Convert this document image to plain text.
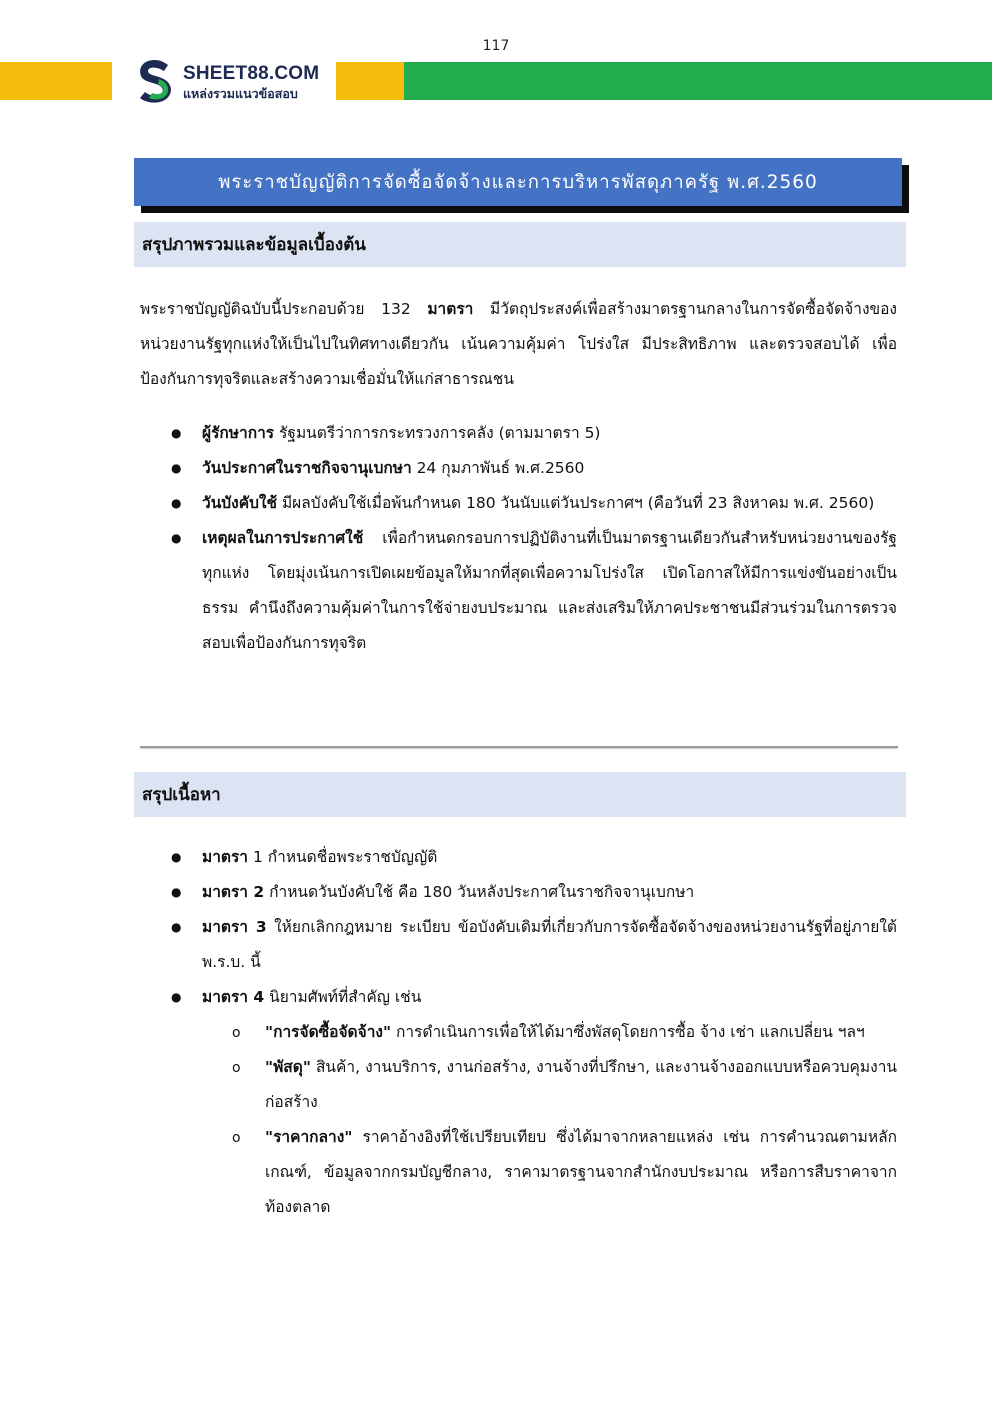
117
SHEET88.COM
แหล่งรวมแนวข้อสอบ
พระราชบัญญัติการจัดซื้อจัดจ้างและการบริหารพัสดุภาครัฐ พ.ศ.2560
สรุปภาพรวมและข้อมูลเบื้องต้น
พระราชบัญญัติฉบับนี้ประกอบด้วย 132 มาตรา มีวัตถุประสงค์เพื่อสร้างมาตรฐานกลางในการจัดซื้อจัดจ้างของหน่วยงานรัฐทุกแห่งให้เป็นไปในทิศทางเดียวกัน เน้นความคุ้มค่า โปร่งใส มีประสิทธิภาพ และตรวจสอบได้ เพื่อป้องกันการทุจริตและสร้างความเชื่อมั่นให้แก่สาธารณชน
● ผู้รักษาการ รัฐมนตรีว่าการกระทรวงการคลัง (ตามมาตรา 5)
● วันประกาศในราชกิจจานุเบกษา 24 กุมภาพันธ์ พ.ศ.2560
● วันบังคับใช้ มีผลบังคับใช้เมื่อพ้นกำหนด 180 วันนับแต่วันประกาศฯ (คือวันที่ 23 สิงหาคม พ.ศ. 2560)
● เหตุผลในการประกาศใช้ เพื่อกำหนดกรอบการปฏิบัติงานที่เป็นมาตรฐานเดียวกันสำหรับหน่วยงานของรัฐทุกแห่ง โดยมุ่งเน้นการเปิดเผยข้อมูลให้มากที่สุดเพื่อความโปร่งใส เปิดโอกาสให้มีการแข่งขันอย่างเป็นธรรม คำนึงถึงความคุ้มค่าในการใช้จ่ายงบประมาณ และส่งเสริมให้ภาคประชาชนมีส่วนร่วมในการตรวจสอบเพื่อป้องกันการทุจริต
สรุปเนื้อหา
● มาตรา 1 กำหนดชื่อพระราชบัญญัติ
● มาตรา 2 กำหนดวันบังคับใช้ คือ 180 วันหลังประกาศในราชกิจจานุเบกษา
● มาตรา 3 ให้ยกเลิกกฎหมาย ระเบียบ ข้อบังคับเดิมที่เกี่ยวกับการจัดซื้อจัดจ้างของหน่วยงานรัฐที่อยู่ภายใต้ พ.ร.บ. นี้
● มาตรา 4 นิยามศัพท์ที่สำคัญ เช่น
o "การจัดซื้อจัดจ้าง" การดำเนินการเพื่อให้ได้มาซึ่งพัสดุโดยการซื้อ จ้าง เช่า แลกเปลี่ยน ฯลฯ
o "พัสดุ" สินค้า, งานบริการ, งานก่อสร้าง, งานจ้างที่ปรึกษา, และงานจ้างออกแบบหรือควบคุมงานก่อสร้าง
o "ราคากลาง" ราคาอ้างอิงที่ใช้เปรียบเทียบ ซึ่งได้มาจากหลายแหล่ง เช่น การคำนวณตามหลักเกณฑ์, ข้อมูลจากกรมบัญชีกลาง, ราคามาตรฐานจากสำนักงบประมาณ หรือการสืบราคาจากท้องตลาด
